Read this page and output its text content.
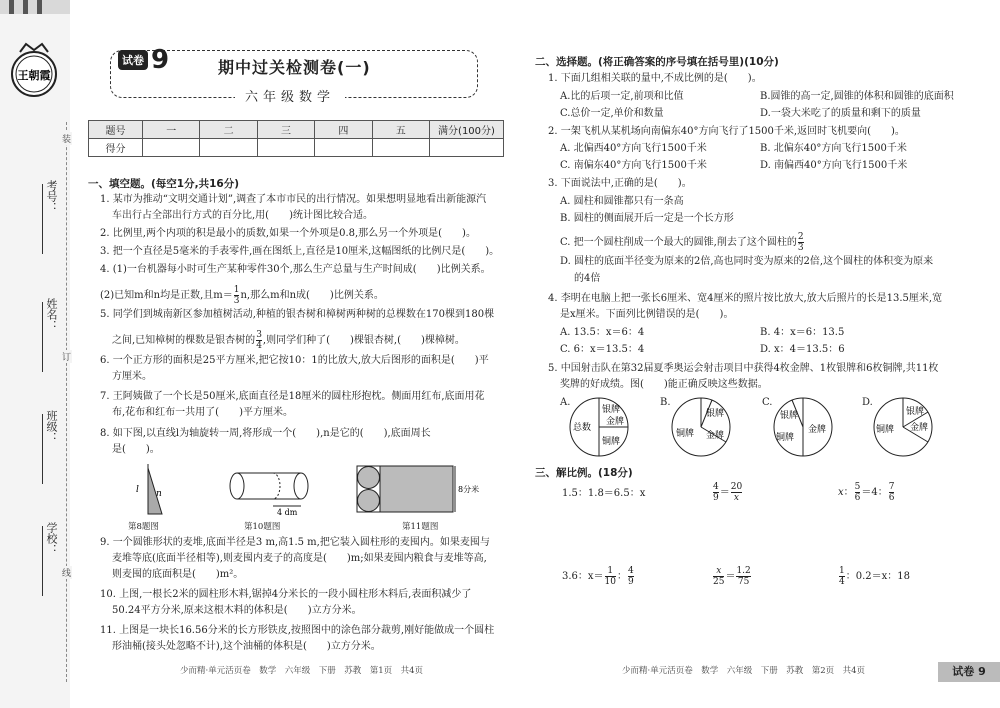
王朝霞
装
订
线
考号：
姓名：
班级：
学校：
试卷 9	期中过关检测卷(一)
六年级数学
题号	一	二	三	四	五	满分(100分)
得分						
一、填空题。(每空1分,共16分)
1. 某市为推动“文明交通计划”,调查了本市市民的出行情况。如果想明显地看出新能源汽
车出行占全部出行方式的百分比,用(　　)统计图比较合适。
2. 比例里,两个内项的积是最小的质数,如果一个外项是0.8,那么另一个外项是(　　)。
3. 把一个直径是5毫米的手表零件,画在图纸上,直径是10厘米,这幅图纸的比例尺是(　　)。
4. (1)一台机器每小时可生产某种零件30个,那么生产总量与生产时间成(　　)比例关系。
(2)已知m和n均是正数,且$m= \frac{1}{3} n$,那么m和n成(　　)比例关系。
5. 同学们到城南新区参加植树活动,种植的银杏树和樟树两种树的总棵数在170棵到180棵
之间,已知樟树的棵数是银杏树的 $\frac{3}{4}$ ,则同学们种了(　　)棵银杏树,(　　)棵樟树。
6. 一个正方形的面积是25平方厘米,把它按10：1的比放大,放大后图形的面积是(　　)平
方厘米。
7. 王阿姨做了一个长是50厘米,底面直径是18厘米的圆柱形抱枕。侧面用红布,底面用花
布,花布和红布一共用了(　　)平方厘米。
8. 如下图,以直线l为轴旋转一周,将形成一个(　　),n是它的(　　),底面周长
是(　　)。
l n
4 dm
8分米
第8题图	第10题图	第11题图
9. 一个圆锥形状的麦堆,底面半径是3 m,高1.5 m,把它装入圆柱形的麦囤内。如果麦囤与
麦堆等底(底面半径相等),则麦囤内麦子的高度是(　　)m;如果麦囤内粮食与麦堆等高,
则麦囤的底面积是(　　)m²。
10. 上图,一根长2米的圆柱形木料,锯掉4分米长的一段小圆柱形木料后,表面积减少了
50.24平方分米,原来这根木料的体积是(　　)立方分米。
11. 上图是一块长16.56分米的长方形铁皮,按照图中的涂色部分裁剪,刚好能做成一个圆柱
形油桶(接头处忽略不计),这个油桶的体积是(　　)立方分米。
二、选择题。(将正确答案的序号填在括号里)(10分)
1. 下面几组相关联的量中,不成比例的是(　　)。
A.比的后项一定,前项和比值	B.圆锥的高一定,圆锥的体积和圆锥的底面积
C.总价一定,单价和数量	D.一袋大米吃了的质量和剩下的质量
2. 一架飞机从某机场向南偏东40°方向飞行了1500千米,返回时飞机要向(　　)。
A. 北偏西40°方向飞行1500千米	B. 北偏东40°方向飞行1500千米
C. 南偏东40°方向飞行1500千米	D. 南偏西40°方向飞行1500千米
3. 下面说法中,正确的是(　　)。
A. 圆柱和圆锥都只有一条高
B. 圆柱的侧面展开后一定是一个长方形
C. 把一个圆柱削成一个最大的圆锥,削去了这个圆柱的 $\frac{2}{3}$
D. 圆柱的底面半径变为原来的2倍,高也同时变为原来的2倍,这个圆柱的体积变为原来
的4倍
4. 李明在电脑上把一张长6厘米、宽4厘米的照片按比放大,放大后照片的长是13.5厘米,宽
是x厘米。下面列比例错误的是(　　)。
A. 13.5：x＝6：4	B. 4：x＝6：13.5
C. 6：x＝13.5：4	D. x：4＝13.5：6
5. 中国射击队在第32届夏季奥运会射击项目中获得4枚金牌、1枚银牌和6枚铜牌,共11枚
奖牌的好成绩。图(　　)能正确反映这些数据。
A.
总数
银牌
金牌
铜牌
B.
银牌
金牌
铜牌
C.
银牌
金牌
铜牌
D.
银牌
金牌
铜牌
三、解比例。(18分)
1.5：1.8＝6.5：x	$\frac{4}{9} = \frac{20}{x}$	x： $\frac{5}{6} =4$： $\frac{7}{6}$
3.6：$x= \frac{1}{10}$ ： $\frac{4}{9}$	$\frac{x}{25} = \frac{1.2}{75}$	$\frac{1}{4}$ ：0.2＝x：18
少而精·单元活页卷　数学　六年级　下册　苏教　第1页　共4页	少而精·单元活页卷　数学　六年级　下册　苏教　第2页　共4页	试卷 9
